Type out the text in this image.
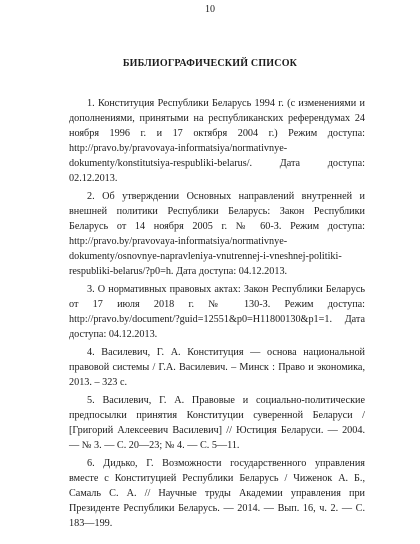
10
БИБЛИОГРАФИЧЕСКИЙ СПИСОК

1. Конституция Республики Беларусь 1994 г. (с изменениями и дополнениями, принятыми на республиканских референдумах 24 ноября 1996 г. и 17 октября 2004 г.) Режим доступа: http://pravo.by/pravovaya-informatsiya/normativnye-dokumenty/konstitutsiya-respubliki-belarus/. Дата доступа: 02.12.2013.

2. Об утверждении Основных направлений внутренней и внешней политики Республики Беларусь: Закон Республики Беларусь от 14 ноября 2005 г. № 60-З. Режим доступа: http://pravo.by/pravovaya-informatsiya/normativnye-dokumenty/osnovnye-napravleniya-vnutrennej-i-vneshnej-politiki-respubliki-belarus/?p0=h. Дата доступа: 04.12.2013.

3. О нормативных правовых актах: Закон Республики Беларусь от 17 июля 2018 г. № 130-З. Режим доступа: http://pravo.by/document/?guid=12551&p0=H11800130&p1=1. Дата доступа: 04.12.2013.

4. Василевич, Г. А. Конституция — основа национальной правовой системы / Г.А. Василевич. – Минск : Право и экономика, 2013. – 323 с.

5. Василевич, Г. А. Правовые и социально-политические предпосылки принятия Конституции суверенной Беларуси / [Григорий Алексеевич Василевич] // Юстиция Беларуси. — 2004. — № 3. — С. 20—23; № 4. — С. 5—11.

6. Дидько, Г. Возможности государственного управления вместе с Конституцией Республики Беларусь / Чиженок А. Б., Самаль С. А. // Научные труды Академии управления при Президенте Республики Беларусь. — 2014. — Вып. 16, ч. 2. — С. 183—199.
